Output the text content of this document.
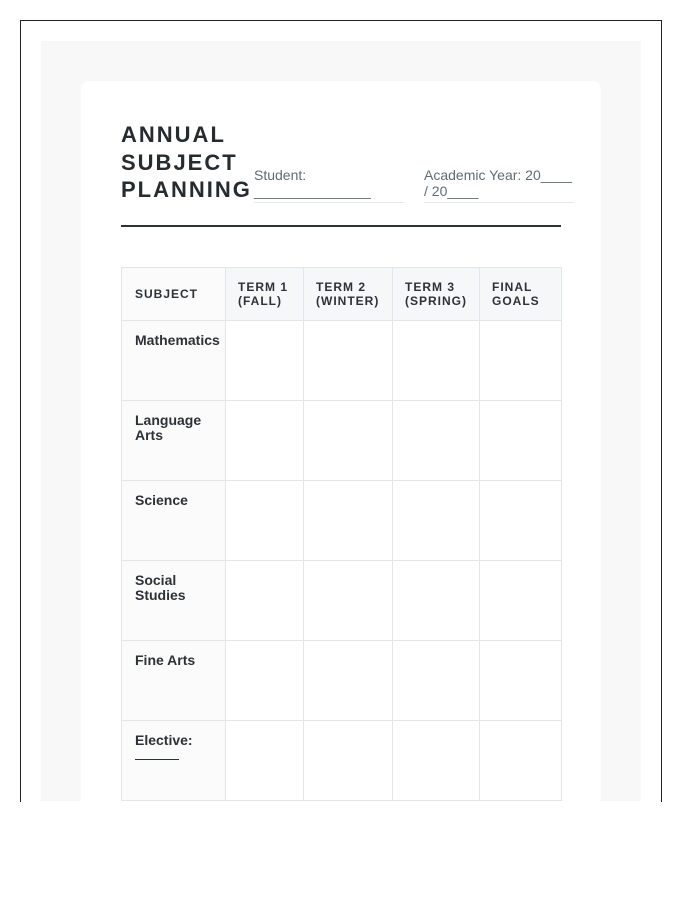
ANNUAL
SUBJECT
PLANNING
Student: _______________
Academic Year: 20____ / 20____
SUBJECT	TERM 1 (FALL)	TERM 2 (WINTER)	TERM 3 (SPRING)	FINAL GOALS
Mathematics				
Language Arts				
Science				
Social Studies				
Fine Arts				

Elective:				
